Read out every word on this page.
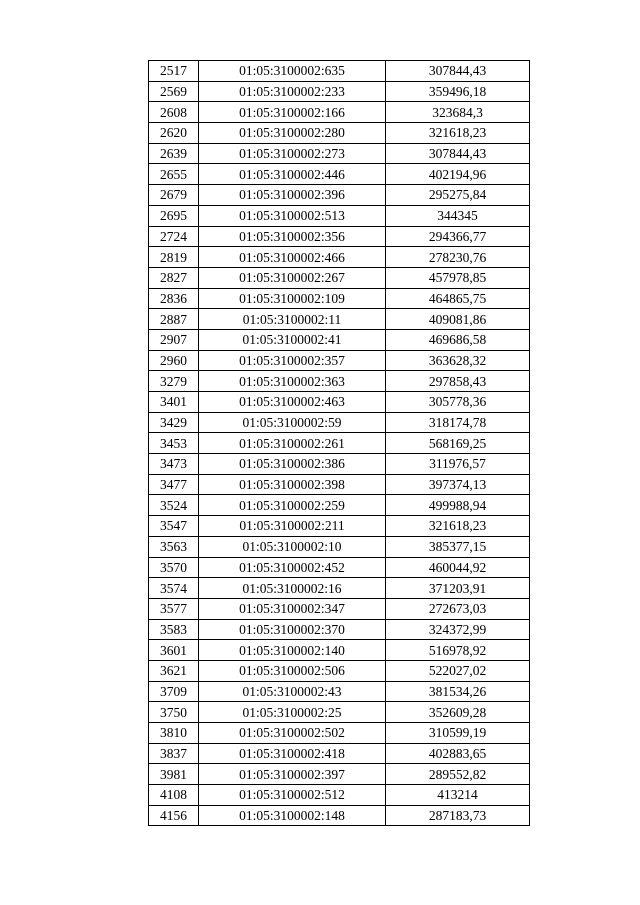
2517	01:05:3100002:635	307844,43
2569	01:05:3100002:233	359496,18
2608	01:05:3100002:166	323684,3
2620	01:05:3100002:280	321618,23
2639	01:05:3100002:273	307844,43
2655	01:05:3100002:446	402194,96
2679	01:05:3100002:396	295275,84
2695	01:05:3100002:513	344345
2724	01:05:3100002:356	294366,77
2819	01:05:3100002:466	278230,76
2827	01:05:3100002:267	457978,85
2836	01:05:3100002:109	464865,75
2887	01:05:3100002:11	409081,86
2907	01:05:3100002:41	469686,58
2960	01:05:3100002:357	363628,32
3279	01:05:3100002:363	297858,43
3401	01:05:3100002:463	305778,36
3429	01:05:3100002:59	318174,78
3453	01:05:3100002:261	568169,25
3473	01:05:3100002:386	311976,57
3477	01:05:3100002:398	397374,13
3524	01:05:3100002:259	499988,94
3547	01:05:3100002:211	321618,23
3563	01:05:3100002:10	385377,15
3570	01:05:3100002:452	460044,92
3574	01:05:3100002:16	371203,91
3577	01:05:3100002:347	272673,03
3583	01:05:3100002:370	324372,99
3601	01:05:3100002:140	516978,92
3621	01:05:3100002:506	522027,02
3709	01:05:3100002:43	381534,26
3750	01:05:3100002:25	352609,28
3810	01:05:3100002:502	310599,19
3837	01:05:3100002:418	402883,65
3981	01:05:3100002:397	289552,82
4108	01:05:3100002:512	413214
4156	01:05:3100002:148	287183,73
